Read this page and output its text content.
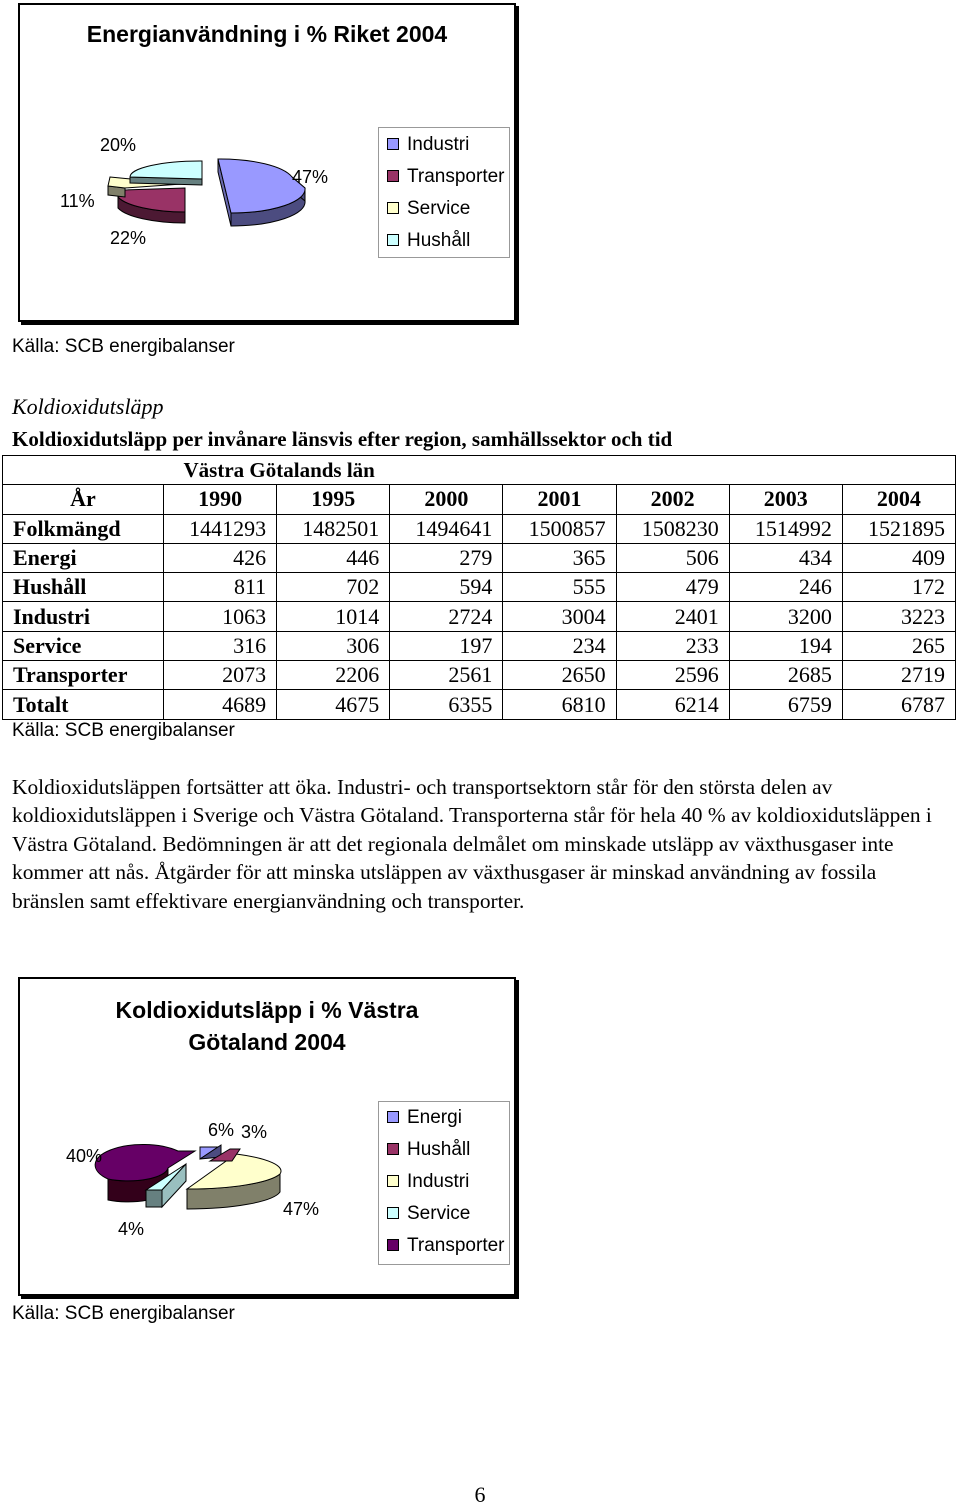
Energianvändning i % Riket 2004
47%
22%
11%
20%	Industri
Transporter
Service
Hushåll
Källa: SCB energibalanser
Koldioxidutsläpp
Koldioxidutsläpp per invånare länsvis efter region, samhällssektor och tid
	Västra Götalands län						
År	1990	1995	2000	2001	2002	2003	2004
Folkmängd	1441293	1482501	1494641	1500857	1508230	1514992	1521895
Energi	426	446	279	365	506	434	409
Hushåll	811	702	594	555	479	246	172
Industri	1063	1014	2724	3004	2401	3200	3223
Service	316	306	197	234	233	194	265
Transporter	2073	2206	2561	2650	2596	2685	2719
Totalt	4689	4675	6355	6810	6214	6759	6787
Källa: SCB energibalanser
Koldioxidutsläppen fortsätter att öka. Industri- och transportsektorn står för den största delen av koldioxidutsläppen i Sverige och Västra Götaland. Transporterna står för hela 40 % av koldioxidutsläppen i Västra Götaland. Bedömningen är att det regionala delmålet om minskade utsläpp av växthusgaser inte kommer att nås. Åtgärder för att minska utsläppen av växthusgaser är minskad användning av fossila bränslen samt effektivare energianvändning och transporter.
Koldioxidutsläpp i % Västra
Götaland 2004
6% 3%
47%
4%
40%
Energi
Hushåll
Industri
Service
Transporter
Källa: SCB energibalanser
6
